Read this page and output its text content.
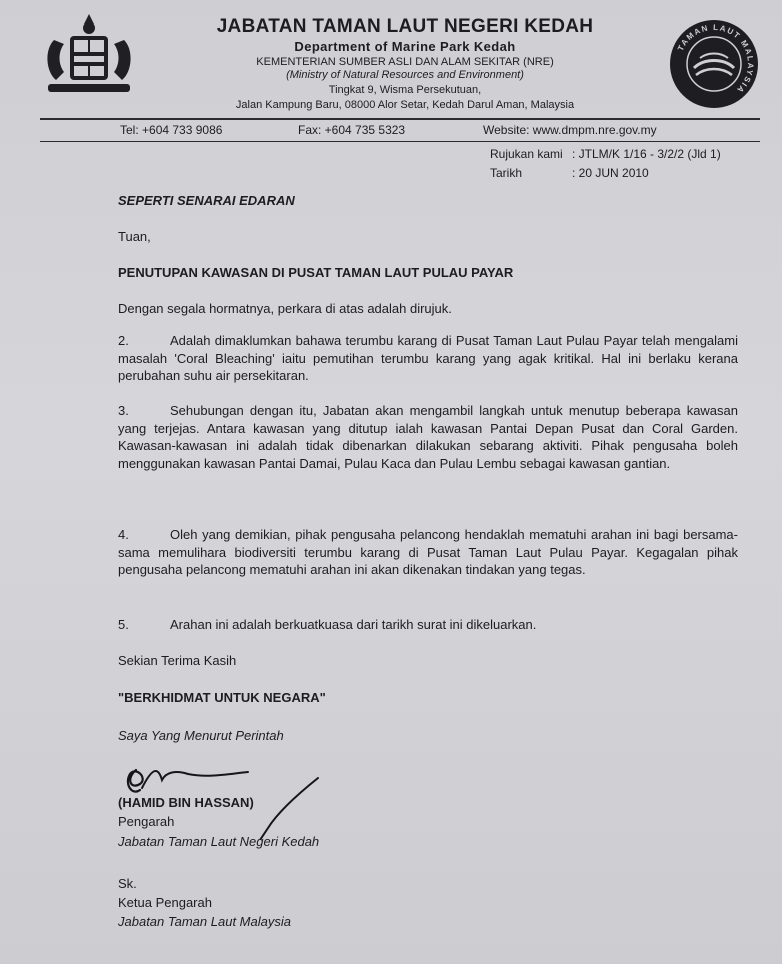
JABATAN TAMAN LAUT NEGERI KEDAH

Department of Marine Park Kedah

KEMENTERIAN SUMBER ASLI DAN ALAM SEKITAR (NRE)

(Ministry of Natural Resources and Environment)

Tingkat 9, Wisma Persekutuan,

Jalan Kampung Baru, 08000 Alor Setar, Kedah Darul Aman, Malaysia

TAMAN LAUT MALAYSIA
Tel: +604 733 9086	Fax: +604 735 5323	Website: www.dmpm.nre.gov.my
Rujukan kami : JTLM/K 1/16 - 3/2/2 (Jld 1)
Tarikh	: 20 JUN 2010
SEPERTI SENARAI EDARAN
Tuan,
PENUTUPAN KAWASAN DI PUSAT TAMAN LAUT PULAU PAYAR
Dengan segala hormatnya, perkara di atas adalah dirujuk.
2.	Adalah dimaklumkan bahawa terumbu karang di Pusat Taman Laut Pulau Payar telah mengalami masalah 'Coral Bleaching' iaitu pemutihan terumbu karang yang agak kritikal. Hal ini berlaku kerana perubahan suhu air persekitaran.
3.	Sehubungan dengan itu, Jabatan akan mengambil langkah untuk menutup beberapa kawasan yang terjejas. Antara kawasan yang ditutup ialah kawasan Pantai Depan Pusat dan Coral Garden. Kawasan-kawasan ini adalah tidak dibenarkan dilakukan sebarang aktiviti. Pihak pengusaha boleh menggunakan kawasan Pantai Damai, Pulau Kaca dan Pulau Lembu sebagai kawasan gantian.
4.	Oleh yang demikian, pihak pengusaha pelancong hendaklah mematuhi arahan ini bagi bersama-sama memulihara biodiversiti terumbu karang di Pusat Taman Laut Pulau Payar. Kegagalan pihak pengusaha pelancong mematuhi arahan ini akan dikenakan tindakan yang tegas.
5.	Arahan ini adalah berkuatkuasa dari tarikh surat ini dikeluarkan.
Sekian Terima Kasih
"BERKHIDMAT UNTUK NEGARA"
Saya Yang Menurut Perintah
(HAMID BIN HASSAN)
Pengarah
Jabatan Taman Laut Negeri Kedah
Sk.
Ketua Pengarah
Jabatan Taman Laut Malaysia
